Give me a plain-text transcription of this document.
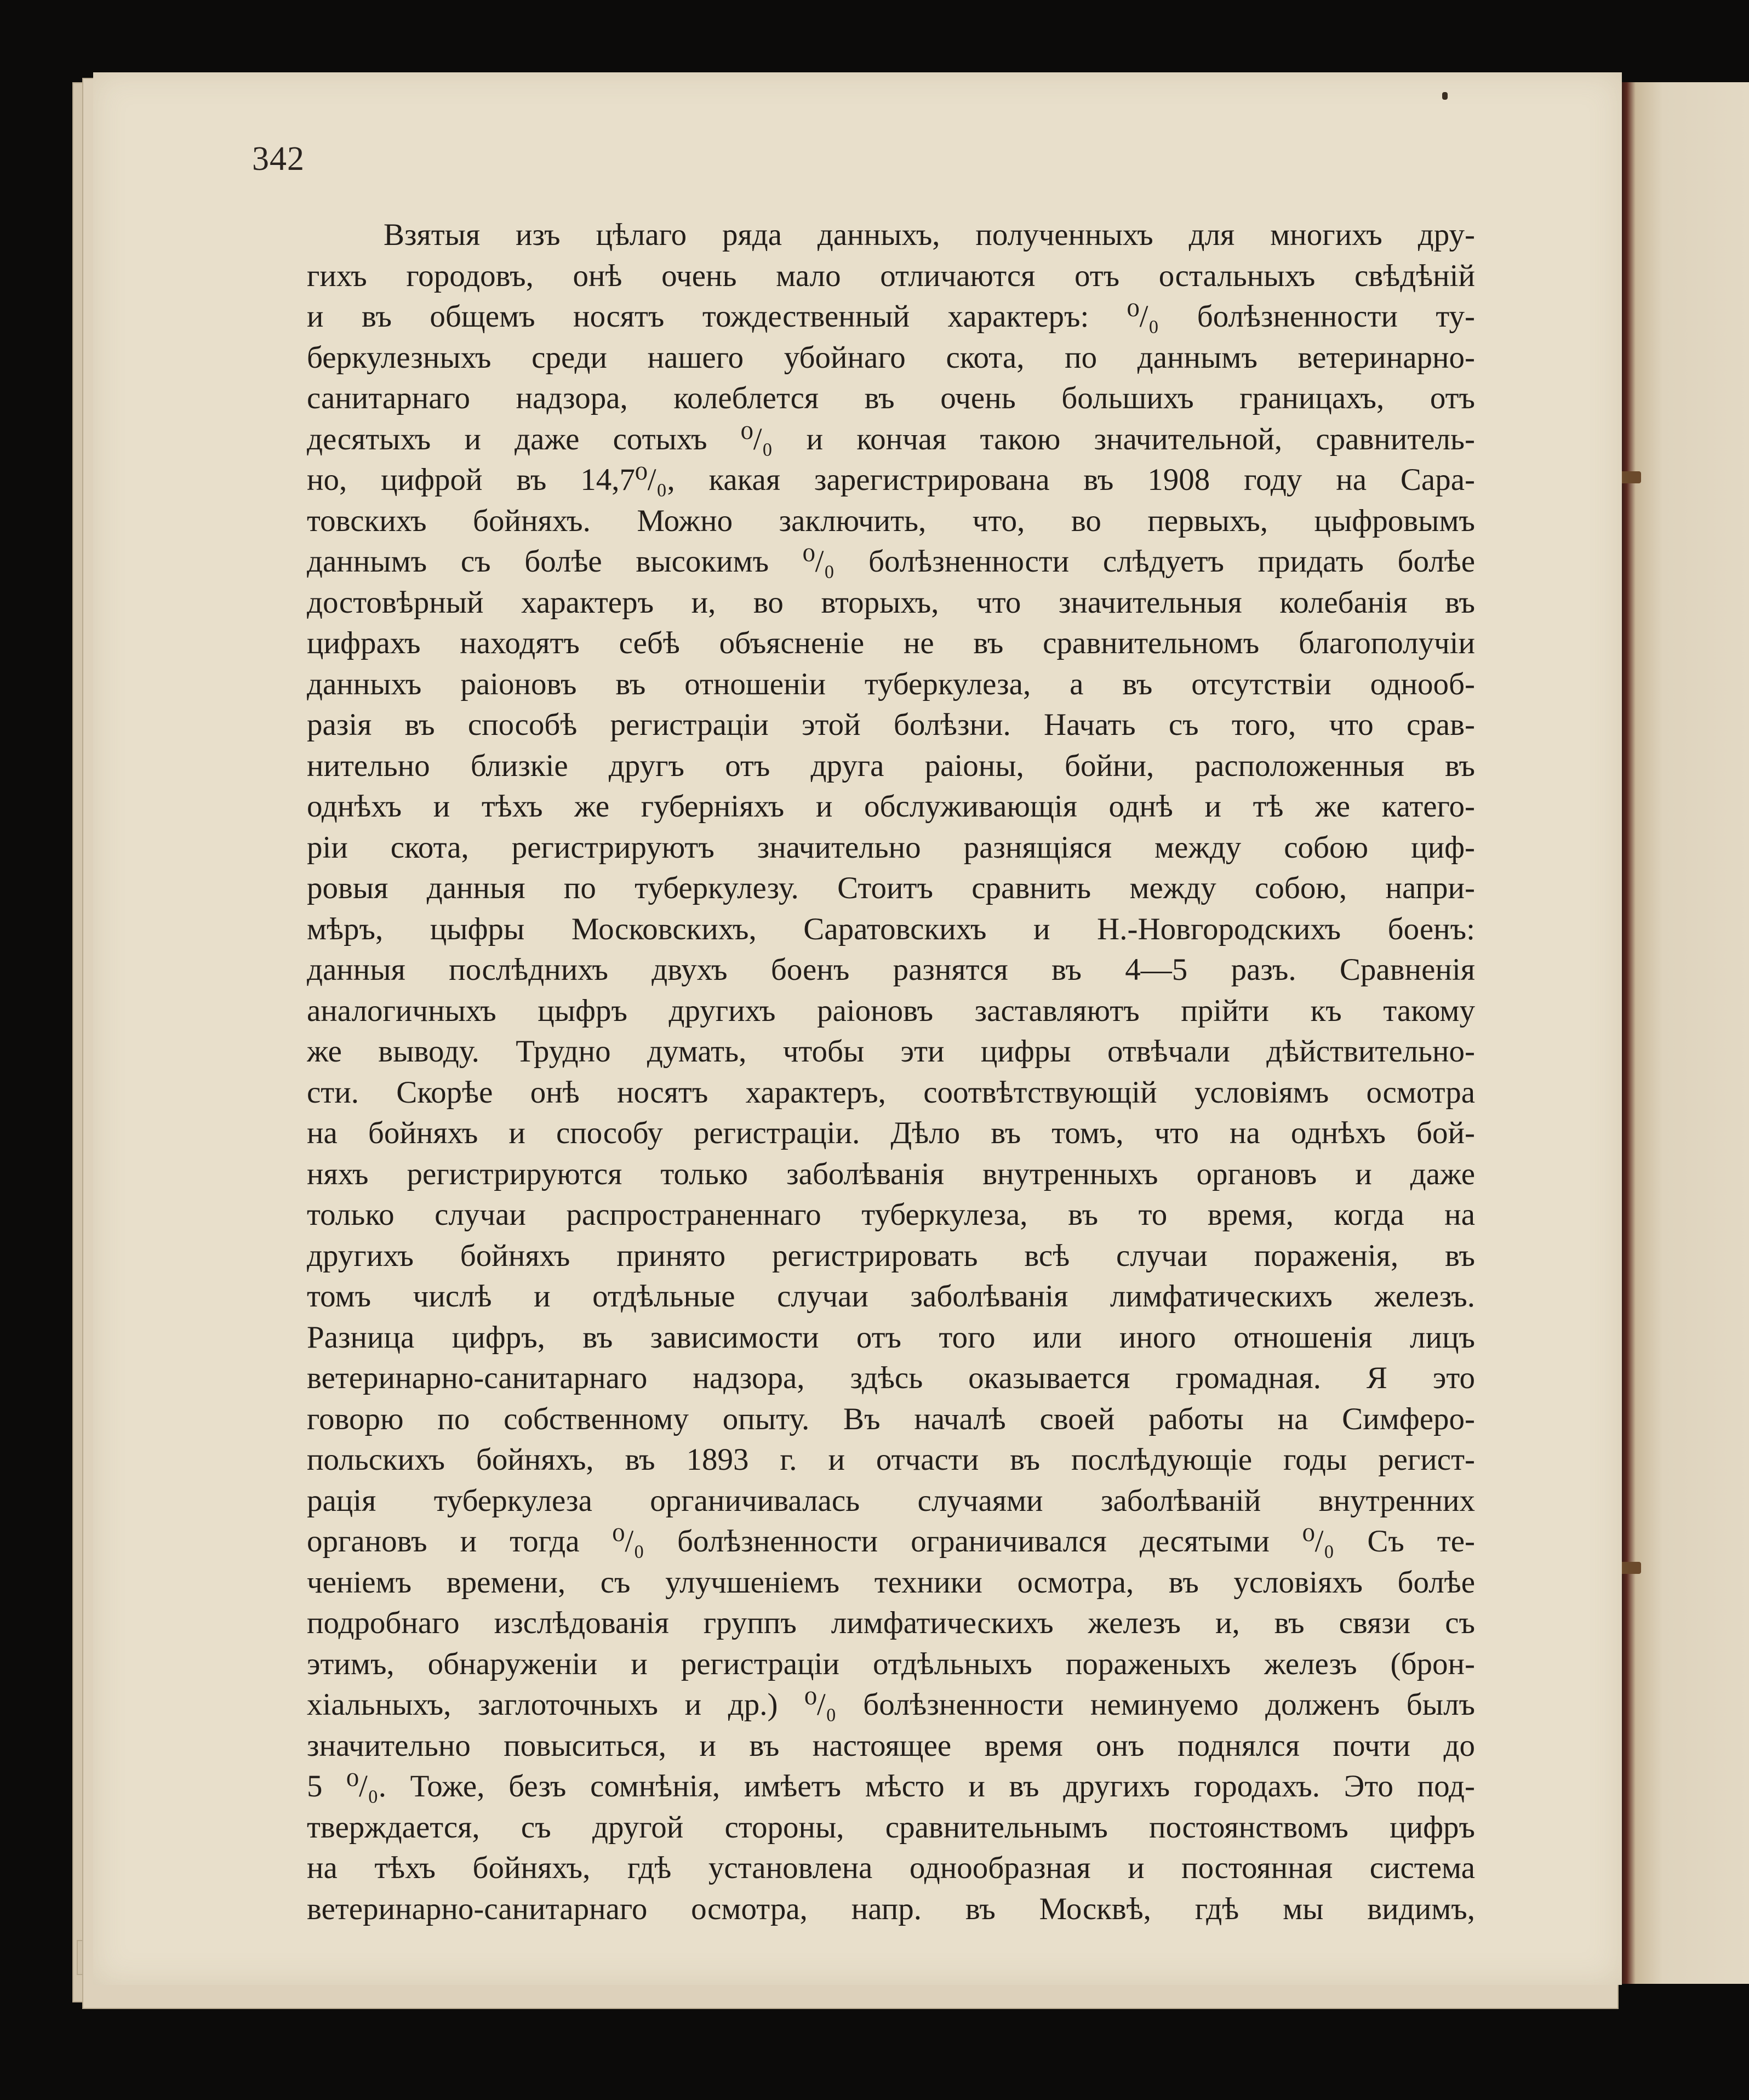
342
Взятыя изъ цѣлаго ряда данныхъ, полученныхъ для многихъ дру-
гихъ городовъ, онѣ очень мало отличаются отъ остальныхъ свѣдѣній
и въ общемъ носятъ тождественный характеръ: ⁰/₀ болѣзненности ту-
беркулезныхъ среди нашего убойнаго скота, по даннымъ ветеринарно-
санитарнаго надзора, колеблется въ очень большихъ границахъ, отъ
десятыхъ и даже сотыхъ ⁰/₀ и кончая такою значительной, сравнитель-
но, цифрой въ 14,7⁰/₀, какая зарегистрирована въ 1908 году на Сара-
товскихъ бойняхъ. Можно заключить, что, во первыхъ, цыфровымъ
даннымъ съ болѣе высокимъ ⁰/₀ болѣзненности слѣдуетъ придать болѣе
достовѣрный характеръ и, во вторыхъ, что значительныя колебанія въ
цифрахъ находятъ себѣ объясненіе не въ сравнительномъ благополучіи
данныхъ раіоновъ въ отношеніи туберкулеза, а въ отсутствіи однооб-
разія въ способѣ регистраціи этой болѣзни. Начать съ того, что срав-
нительно близкіе другъ отъ друга раіоны, бойни, расположенныя въ
однѣхъ и тѣхъ же губерніяхъ и обслуживающія однѣ и тѣ же катего-
ріи скота, регистрируютъ значительно разнящіяся между собою циф-
ровыя данныя по туберкулезу. Стоитъ сравнить между собою, напри-
мѣръ, цыфры Московскихъ, Саратовскихъ и Н.-Новгородскихъ боенъ:
данныя послѣднихъ двухъ боенъ разнятся въ 4—5 разъ. Сравненія
аналогичныхъ цыфръ другихъ раіоновъ заставляютъ прійти къ такому
же выводу. Трудно думать, чтобы эти цифры отвѣчали дѣйствительно-
сти. Скорѣе онѣ носятъ характеръ, соотвѣтствующій условіямъ осмотра
на бойняхъ и способу регистраціи. Дѣло въ томъ, что на однѣхъ бой-
няхъ регистрируются только заболѣванія внутренныхъ органовъ и даже
только случаи распространеннаго туберкулеза, въ то время, когда на
другихъ бойняхъ принято регистрировать всѣ случаи пораженія, въ
томъ числѣ и отдѣльные случаи заболѣванія лимфатическихъ железъ.
Разница цифръ, въ зависимости отъ того или иного отношенія лицъ
ветеринарно-санитарнаго надзора, здѣсь оказывается громадная. Я это
говорю по собственному опыту. Въ началѣ своей работы на Симферо-
польскихъ бойняхъ, въ 1893 г. и отчасти въ послѣдующіе годы регист-
рація туберкулеза органичивалась случаями заболѣваній внутренних
органовъ и тогда ⁰/₀ болѣзненности ограничивался десятыми ⁰/₀ Съ те-
ченіемъ времени, съ улучшеніемъ техники осмотра, въ условіяхъ болѣе
подробнаго изслѣдованія группъ лимфатическихъ железъ и, въ связи съ
этимъ, обнаруженіи и регистраціи отдѣльныхъ пораженыхъ железъ (брон-
хіальныхъ, заглоточныхъ и др.) ⁰/₀ болѣзненности неминуемо долженъ былъ
значительно повыситься, и въ настоящее время онъ поднялся почти до
5 ⁰/₀. Тоже, безъ сомнѣнія, имѣетъ мѣсто и въ другихъ городахъ. Это под-
тверждается, съ другой стороны, сравнительнымъ постоянствомъ цифръ
на тѣхъ бойняхъ, гдѣ установлена однообразная и постоянная система
ветеринарно-санитарнаго осмотра, напр. въ Москвѣ, гдѣ мы видимъ,
